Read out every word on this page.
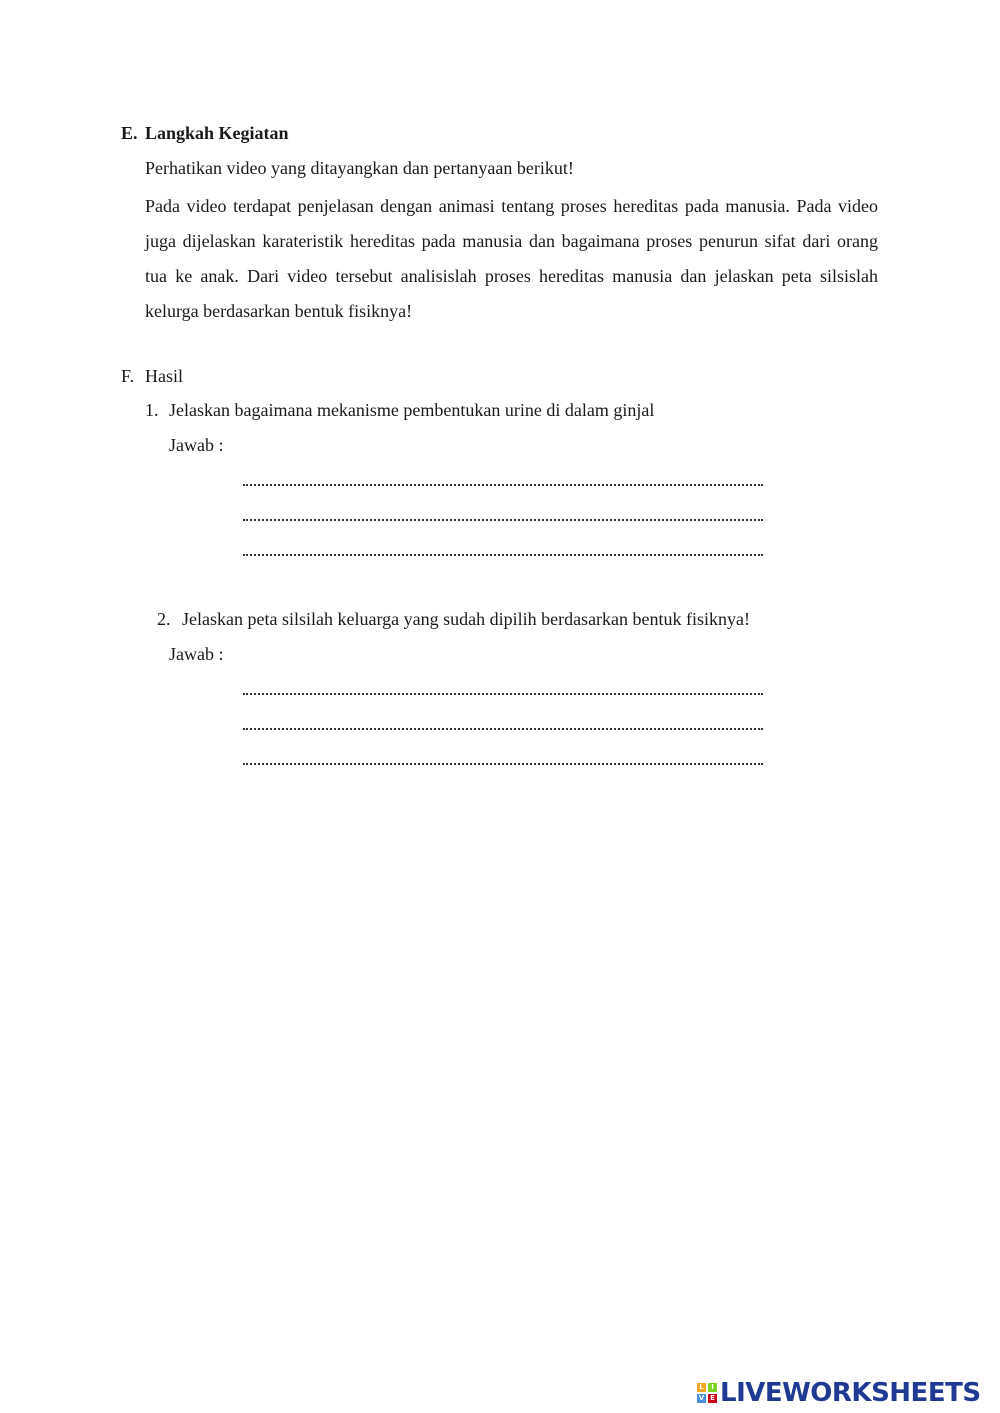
E. Langkah Kegiatan
Perhatikan video yang ditayangkan dan pertanyaan berikut!
Pada video terdapat penjelasan dengan animasi tentang proses hereditas pada manusia. Pada video juga dijelaskan karateristik hereditas pada manusia dan bagaimana proses penurun sifat dari orang tua ke anak. Dari video tersebut analisislah proses hereditas manusia dan jelaskan peta silsislah kelurga berdasarkan bentuk fisiknya!
F. Hasil
1. Jelaskan bagaimana mekanisme pembentukan urine di dalam ginjal
Jawab :
2. Jelaskan peta silsilah keluarga yang sudah dipilih berdasarkan bentuk fisiknya!
Jawab :
L	I
V E LIVEWORKSHEETS
